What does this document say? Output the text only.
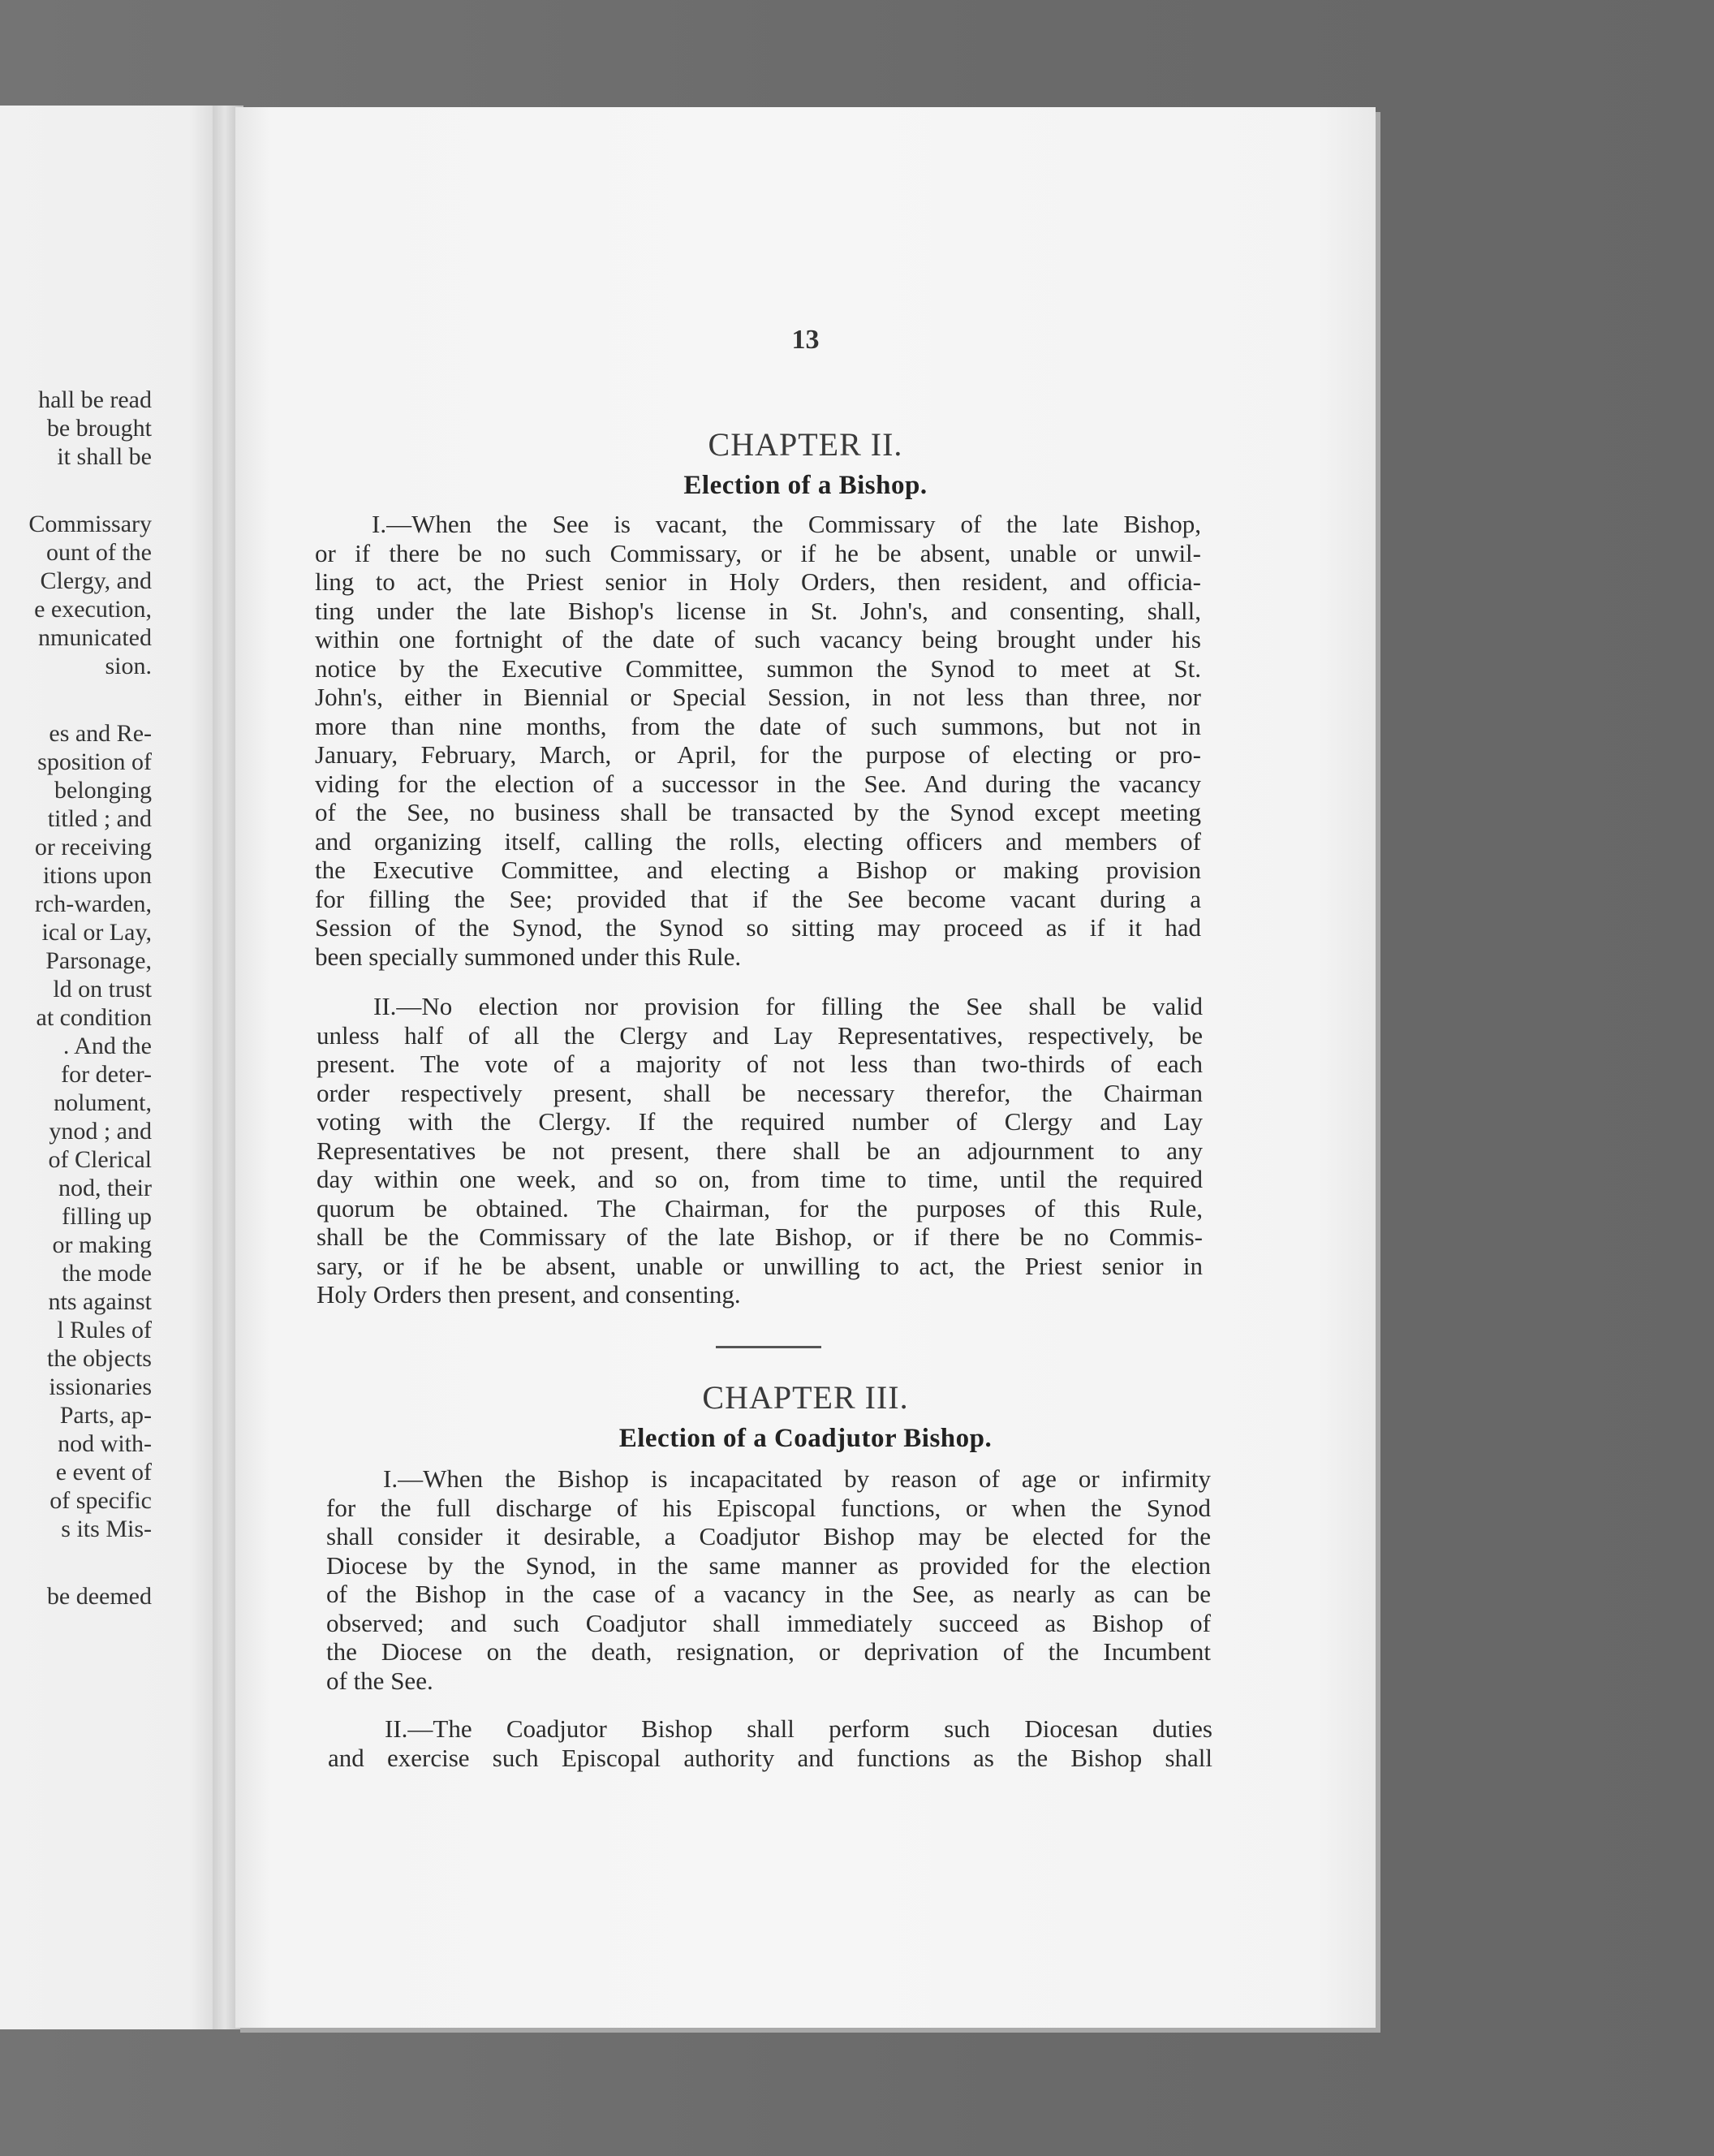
hall be read
be brought
it shall be
Commissary
ount of the
Clergy, and
e execution,
nmunicated
sion.
es and Re-
sposition of
belonging
titled ; and
or receiving
itions upon
rch-warden,
ical or Lay,
Parsonage,
ld on trust
at condition
. And the
for deter-
nolument,
ynod ; and
of Clerical
nod, their
filling up
or making
the mode
nts against
l Rules of
the objects
issionaries
Parts, ap-
nod with-
e event of
of specific
s its Mis-
be deemed
13
CHAPTER II.
Election of a Bishop.
I.—When the See is vacant, the Commissary of the late Bishop,
or if there be no such Commissary, or if he be absent, unable or unwil-
ling to act, the Priest senior in Holy Orders, then resident, and officia-
ting under the late Bishop's license in St. John's, and consenting, shall,
within one fortnight of the date of such vacancy being brought under his
notice by the Executive Committee, summon the Synod to meet at St.
John's, either in Biennial or Special Session, in not less than three, nor
more than nine months, from the date of such summons, but not in
January, February, March, or April, for the purpose of electing or pro-
viding for the election of a successor in the See. And during the vacancy
of the See, no business shall be transacted by the Synod except meeting
and organizing itself, calling the rolls, electing officers and members of
the Executive Committee, and electing a Bishop or making provision
for filling the See; provided that if the See become vacant during a
Session of the Synod, the Synod so sitting may proceed as if it had
been specially summoned under this Rule.
II.—No election nor provision for filling the See shall be valid
unless half of all the Clergy and Lay Representatives, respectively, be
present. The vote of a majority of not less than two-thirds of each
order respectively present, shall be necessary therefor, the Chairman
voting with the Clergy. If the required number of Clergy and Lay
Representatives be not present, there shall be an adjournment to any
day within one week, and so on, from time to time, until the required
quorum be obtained. The Chairman, for the purposes of this Rule,
shall be the Commissary of the late Bishop, or if there be no Commis-
sary, or if he be absent, unable or unwilling to act, the Priest senior in
Holy Orders then present, and consenting.
CHAPTER III.
Election of a Coadjutor Bishop.
I.—When the Bishop is incapacitated by reason of age or infirmity
for the full discharge of his Episcopal functions, or when the Synod
shall consider it desirable, a Coadjutor Bishop may be elected for the
Diocese by the Synod, in the same manner as provided for the election
of the Bishop in the case of a vacancy in the See, as nearly as can be
observed; and such Coadjutor shall immediately succeed as Bishop of
the Diocese on the death, resignation, or deprivation of the Incumbent
of the See.
II.—The Coadjutor Bishop shall perform such Diocesan duties
and exercise such Episcopal authority and functions as the Bishop shall
